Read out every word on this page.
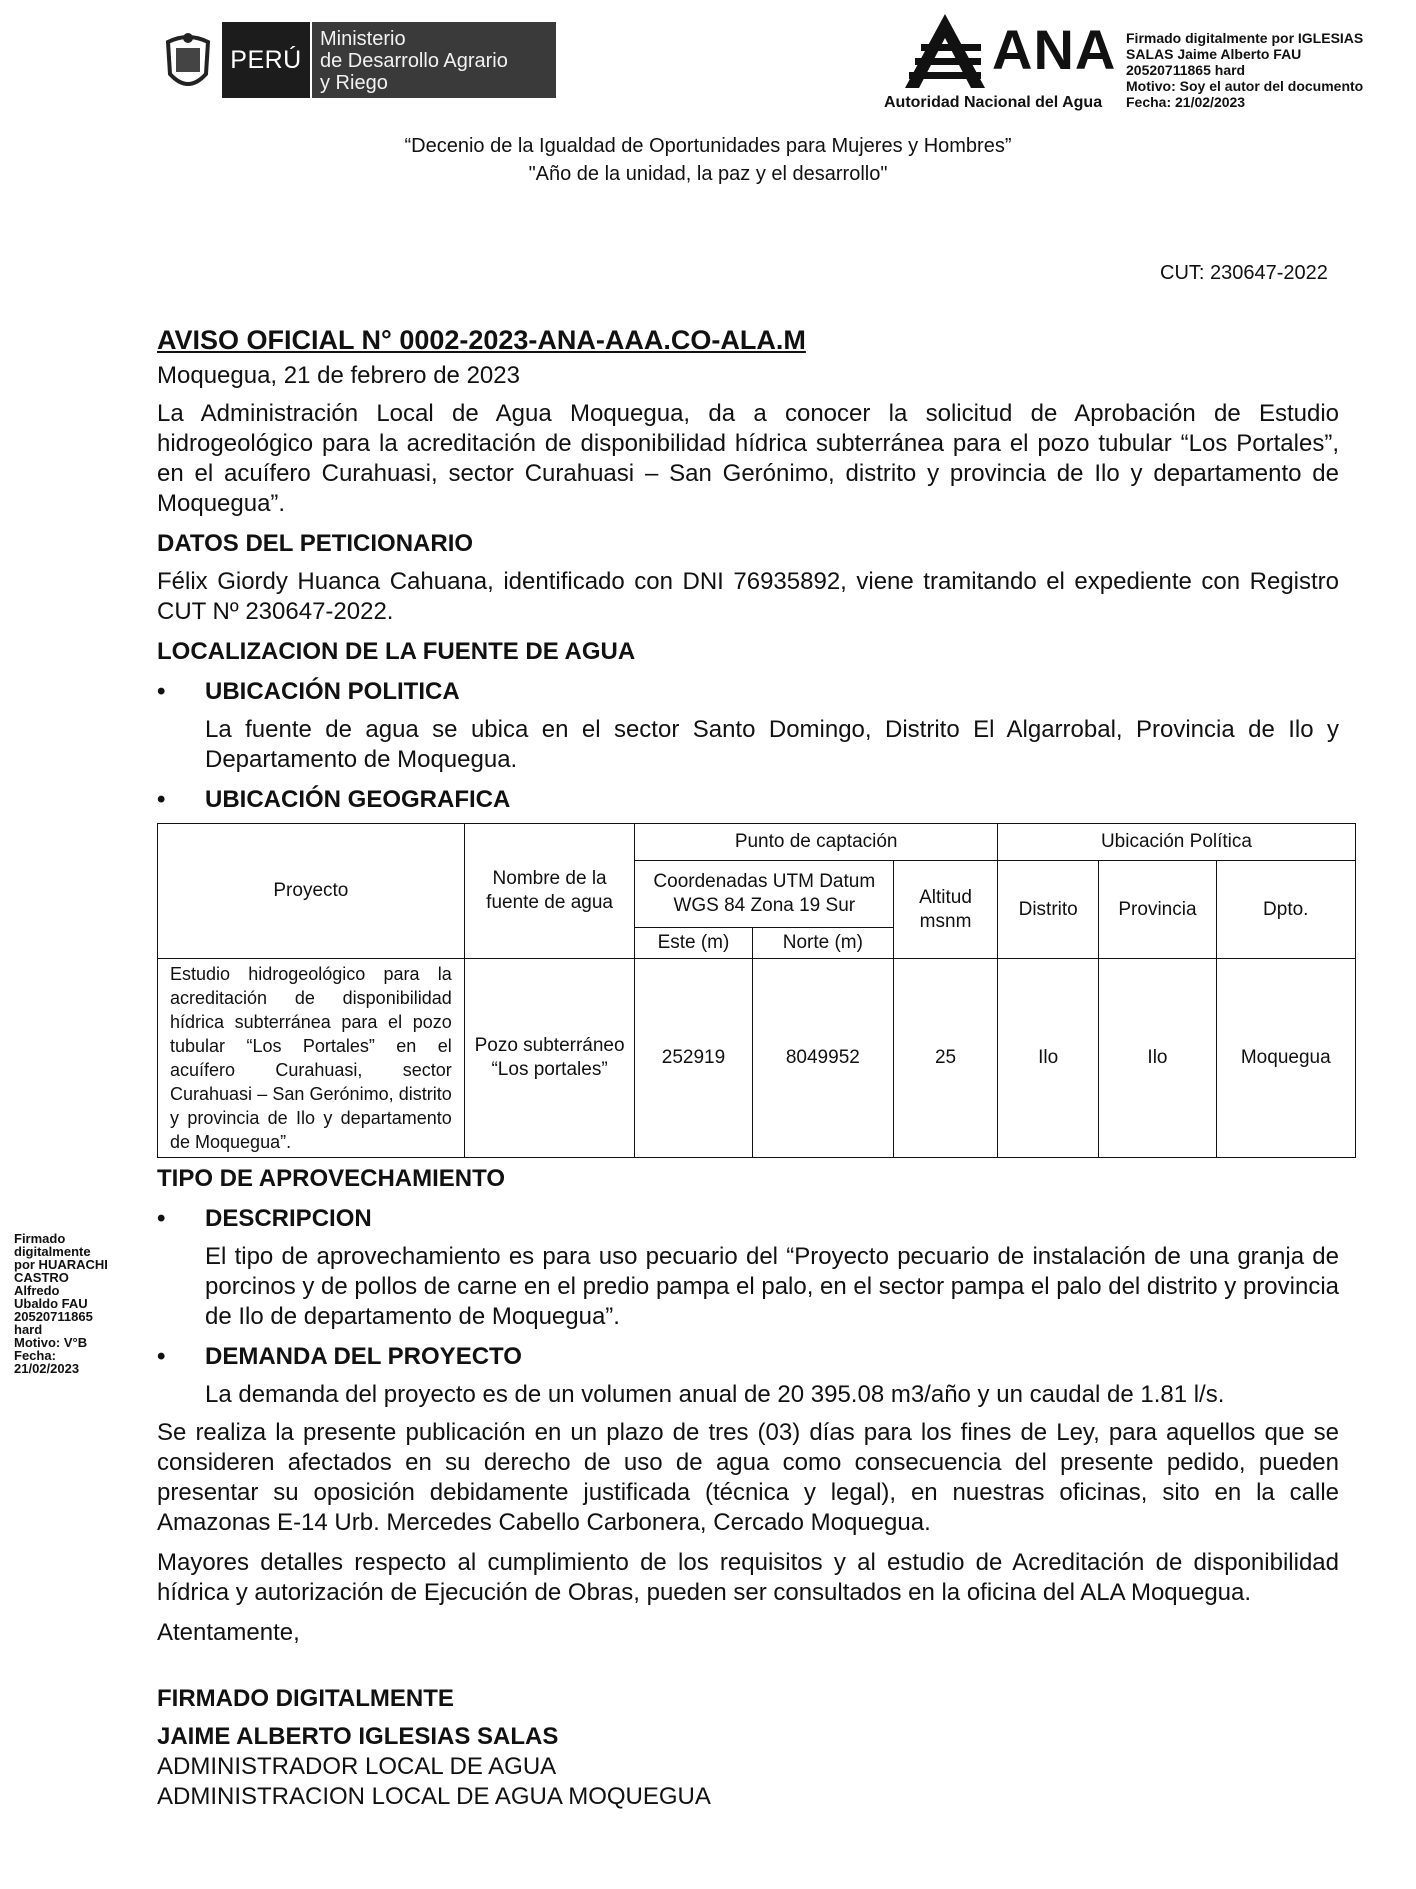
PERÚ
Ministerio
de Desarrollo Agrario
y Riego
ANA
Autoridad Nacional del Agua
Firmado digitalmente por IGLESIAS
SALAS Jaime Alberto FAU
20520711865 hard
Motivo: Soy el autor del documento
Fecha: 21/02/2023
“Decenio de la Igualdad de Oportunidades para Mujeres y Hombres”
"Año de la unidad, la paz y el desarrollo"
CUT: 230647-2022
Firmado
digitalmente
por HUARACHI
CASTRO
Alfredo
Ubaldo FAU
20520711865
hard
Motivo: V°B
Fecha:
21/02/2023

AVISO OFICIAL N° 0002-2023-ANA-AAA.CO-ALA.M

Moquegua, 21 de febrero de 2023

La Administración Local de Agua Moquegua, da a conocer la solicitud de Aprobación de Estudio hidrogeológico para la acreditación de disponibilidad hídrica subterránea para el pozo tubular “Los Portales”, en el acuífero Curahuasi, sector Curahuasi – San Gerónimo, distrito y provincia de Ilo y departamento de Moquegua”.

DATOS DEL PETICIONARIO

Félix Giordy Huanca Cahuana, identificado con DNI 76935892, viene tramitando el expediente con Registro CUT Nº 230647-2022.

LOCALIZACION DE LA FUENTE DE AGUA

• UBICACIÓN POLITICA

La fuente de agua se ubica en el sector Santo Domingo, Distrito El Algarrobal, Provincia de Ilo y Departamento de Moquegua.

• UBICACIÓN GEOGRAFICA

Proyecto	Nombre de la fuente de agua	Punto de captación			Ubicación Política		
		Coordenadas UTM Datum WGS 84 Zona 19 Sur		Altitud msnm	Distrito	Provincia	Dpto.
		Este (m)	Norte (m)				
Estudio hidrogeológico para la acreditación de disponibilidad hídrica subterránea para el pozo tubular “Los Portales” en el acuífero Curahuasi, sector Curahuasi – San Gerónimo, distrito y provincia de Ilo y departamento de Moquegua”.	Pozo subterráneo “Los portales”	252919	8049952	25	Ilo	Ilo	Moquegua

TIPO DE APROVECHAMIENTO

• DESCRIPCION

El tipo de aprovechamiento es para uso pecuario del “Proyecto pecuario de instalación de una granja de porcinos y de pollos de carne en el predio pampa el palo, en el sector pampa el palo del distrito y provincia de Ilo de departamento de Moquegua”.

• DEMANDA DEL PROYECTO

La demanda del proyecto es de un volumen anual de 20 395.08 m3/año y un caudal de 1.81 l/s.

Se realiza la presente publicación en un plazo de tres (03) días para los fines de Ley, para aquellos que se consideren afectados en su derecho de uso de agua como consecuencia del presente pedido, pueden presentar su oposición debidamente justificada (técnica y legal), en nuestras oficinas, sito en la calle Amazonas E-14 Urb. Mercedes Cabello Carbonera, Cercado Moquegua.

Mayores detalles respecto al cumplimiento de los requisitos y al estudio de Acreditación de disponibilidad hídrica y autorización de Ejecución de Obras, pueden ser consultados en la oficina del ALA Moquegua.

Atentamente,

FIRMADO DIGITALMENTE

JAIME ALBERTO IGLESIAS SALAS

ADMINISTRADOR LOCAL DE AGUA

ADMINISTRACION LOCAL DE AGUA MOQUEGUA
